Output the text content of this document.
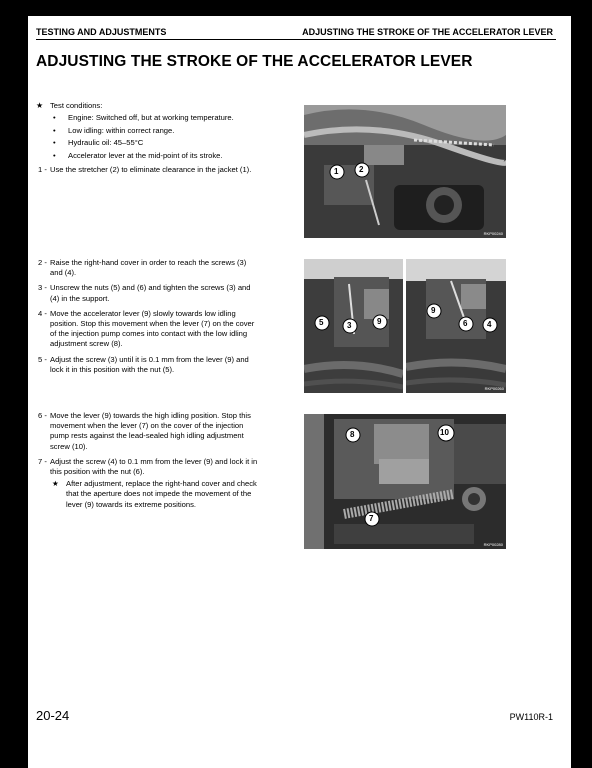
TESTING AND ADJUSTMENTS	ADJUSTING THE STROKE OF THE ACCELERATOR LEVER
ADJUSTING THE STROKE OF THE ACCELERATOR LEVER
★ Test conditions:
• Engine: Switched off, but at working temperature.
• Low idling: within correct range.
• Hydraulic oil: 45–55°C
• Accelerator lever at the mid-point of its stroke.
1 - Use the stretcher (2) to eliminate clearance in the jacket (1).
2 - Raise the right-hand cover in order to reach the screws (3) and (4).
3 - Unscrew the nuts (5) and (6) and tighten the screws (3) and (4) in the support.
4 - Move the accelerator lever (9) slowly towards low idling position. Stop this movement when the lever (7) on the cover of the injection pump comes into contact with the low idling adjustment screw (8).
5 - Adjust the screw (3) until it is 0.1 mm from the lever (9) and lock it in this position with the nut (5).
6 - Move the lever (9) towards the high idling position. Stop this movement when the lever (7) on the cover of the injection pump rests against the lead-sealed high idling adjustment screw (10).
7 - Adjust the screw (4) to 0.1 mm from the lever (9) and lock it in this position with the nut (6).
★ After adjustment, replace the right-hand cover and check that the aperture does not impede the movement of the lever (9) towards its extreme positions.
1	2
RKP00240
5	3	9
9
6 4
RKP00260
8	10
7
RKP00280
20-24	PW110R-1
